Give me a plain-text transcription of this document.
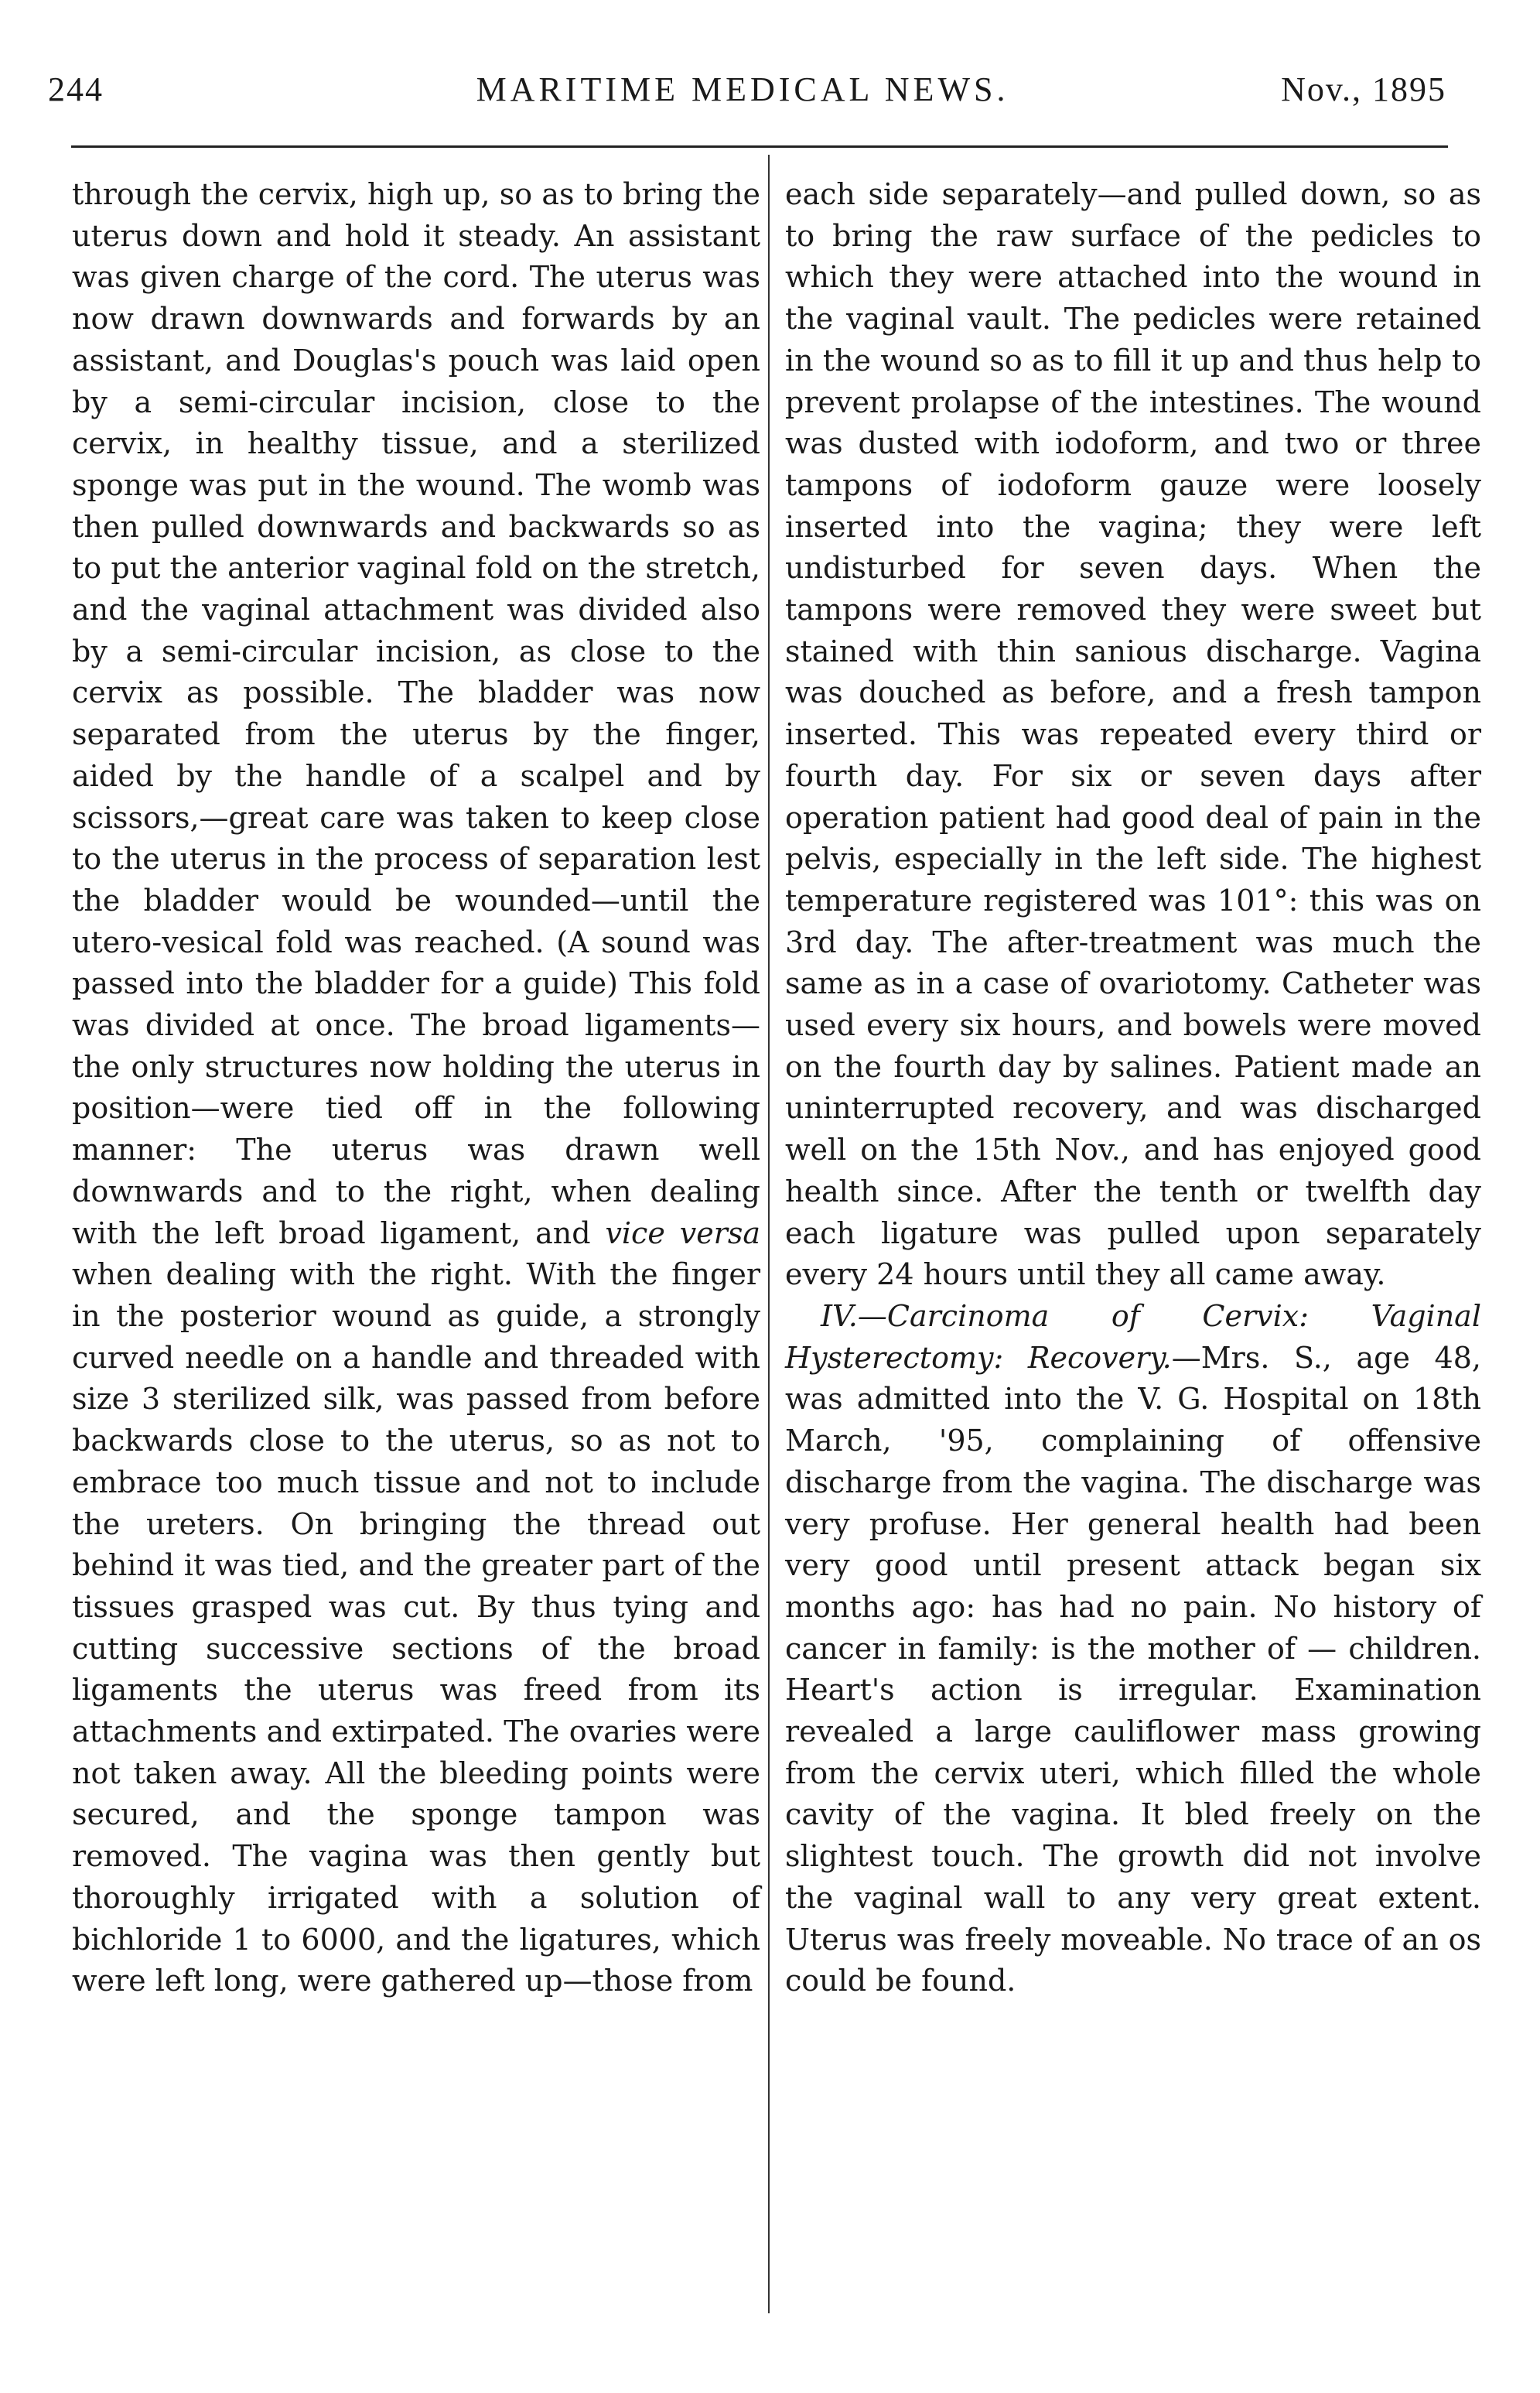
244	MARITIME MEDICAL NEWS.	Nov., 1895

through the cervix, high up, so as to bring the uterus down and hold it steady. An assistant was given charge of the cord. The uterus was now drawn downwards and forwards by an assistant, and Douglas's pouch was laid open by a semi-circular incision, close to the cervix, in healthy tissue, and a sterilized sponge was put in the wound. The womb was then pulled downwards and backwards so as to put the anterior vaginal fold on the stretch, and the vaginal attachment was divided also by a semi-circular incision, as close to the cervix as possible. The bladder was now separated from the uterus by the finger, aided by the handle of a scalpel and by scissors,—great care was taken to keep close to the uterus in the process of separation lest the bladder would be wounded—until the utero-vesical fold was reached. (A sound was passed into the bladder for a guide) This fold was divided at once. The broad ligaments—the only structures now holding the uterus in position—were tied off in the following manner: The uterus was drawn well downwards and to the right, when dealing with the left broad ligament, and vice versa when dealing with the right. With the finger in the posterior wound as guide, a strongly curved needle on a handle and threaded with size 3 sterilized silk, was passed from before backwards close to the uterus, so as not to embrace too much tissue and not to include the ureters. On bringing the thread out behind it was tied, and the greater part of the tissues grasped was cut. By thus tying and cutting successive sections of the broad ligaments the uterus was freed from its attachments and extirpated. The ovaries were not taken away. All the bleeding points were secured, and the sponge tampon was removed. The vagina was then gently but thoroughly irrigated with a solution of bichloride 1 to 6000, and the ligatures, which were left long, were gathered up—those from

each side separately—and pulled down, so as to bring the raw surface of the pedicles to which they were attached into the wound in the vaginal vault. The pedicles were retained in the wound so as to fill it up and thus help to prevent prolapse of the intestines. The wound was dusted with iodoform, and two or three tampons of iodoform gauze were loosely inserted into the vagina; they were left undisturbed for seven days. When the tampons were removed they were sweet but stained with thin sanious discharge. Vagina was douched as before, and a fresh tampon inserted. This was repeated every third or fourth day. For six or seven days after operation patient had good deal of pain in the pelvis, especially in the left side. The highest temperature registered was 101°: this was on 3rd day. The after-treatment was much the same as in a case of ovariotomy. Catheter was used every six hours, and bowels were moved on the fourth day by salines. Patient made an uninterrupted recovery, and was discharged well on the 15th Nov., and has enjoyed good health since. After the tenth or twelfth day each ligature was pulled upon separately every 24 hours until they all came away.

IV.—Carcinoma of Cervix: Vaginal Hysterectomy: Recovery.—Mrs. S., age 48, was admitted into the V. G. Hospital on 18th March, '95, complaining of offensive discharge from the vagina. The discharge was very profuse. Her general health had been very good until present attack began six months ago: has had no pain. No history of cancer in family: is the mother of — children. Heart's action is irregular. Examination revealed a large cauliflower mass growing from the cervix uteri, which filled the whole cavity of the vagina. It bled freely on the slightest touch. The growth did not involve the vaginal wall to any very great extent. Uterus was freely moveable. No trace of an os could be found.
